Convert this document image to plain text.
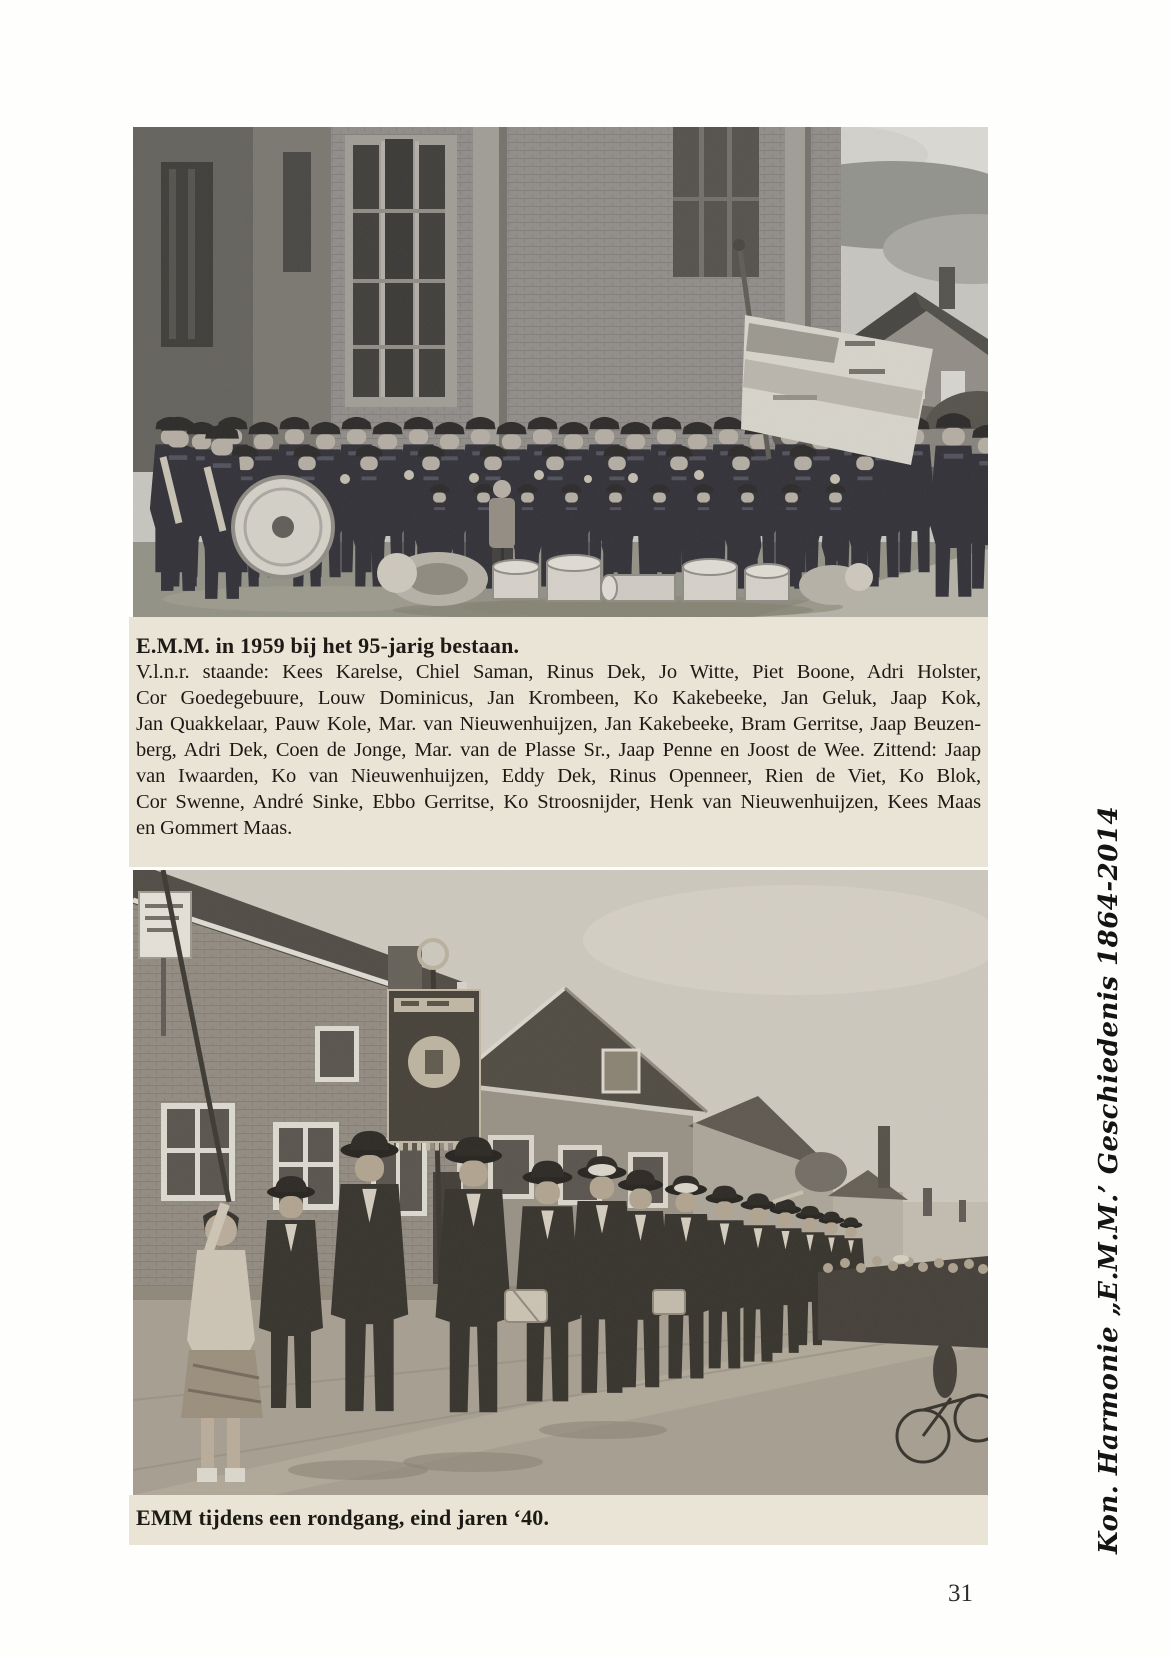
E.M.M. in 1959 bij het 95-jarig bestaan.
V.l.n.r. staande: Kees Karelse, Chiel Saman, Rinus Dek, Jo Witte, Piet Boone, Adri Holster,
Cor Goedegebuure, Louw Dominicus, Jan Krombeen, Ko Kakebeeke, Jan Geluk, Jaap Kok,
Jan Quakkelaar, Pauw Kole, Mar. van Nieuwenhuijzen, Jan Kakebeeke, Bram Gerritse, Jaap Beuzen-
berg, Adri Dek, Coen de Jonge, Mar. van de Plasse Sr., Jaap Penne en Joost de Wee. Zittend: Jaap
van Iwaarden, Ko van Nieuwenhuijzen, Eddy Dek, Rinus Openneer, Rien de Viet, Ko Blok,
Cor Swenne, André Sinke, Ebbo Gerritse, Ko Stroosnijder, Henk van Nieuwenhuijzen, Kees Maas
en Gommert Maas.
EMM tijdens een rondgang, eind jaren ‘40.	Kon. Harmonie „E.M.M.’ Geschiedenis 1864-2014
31
